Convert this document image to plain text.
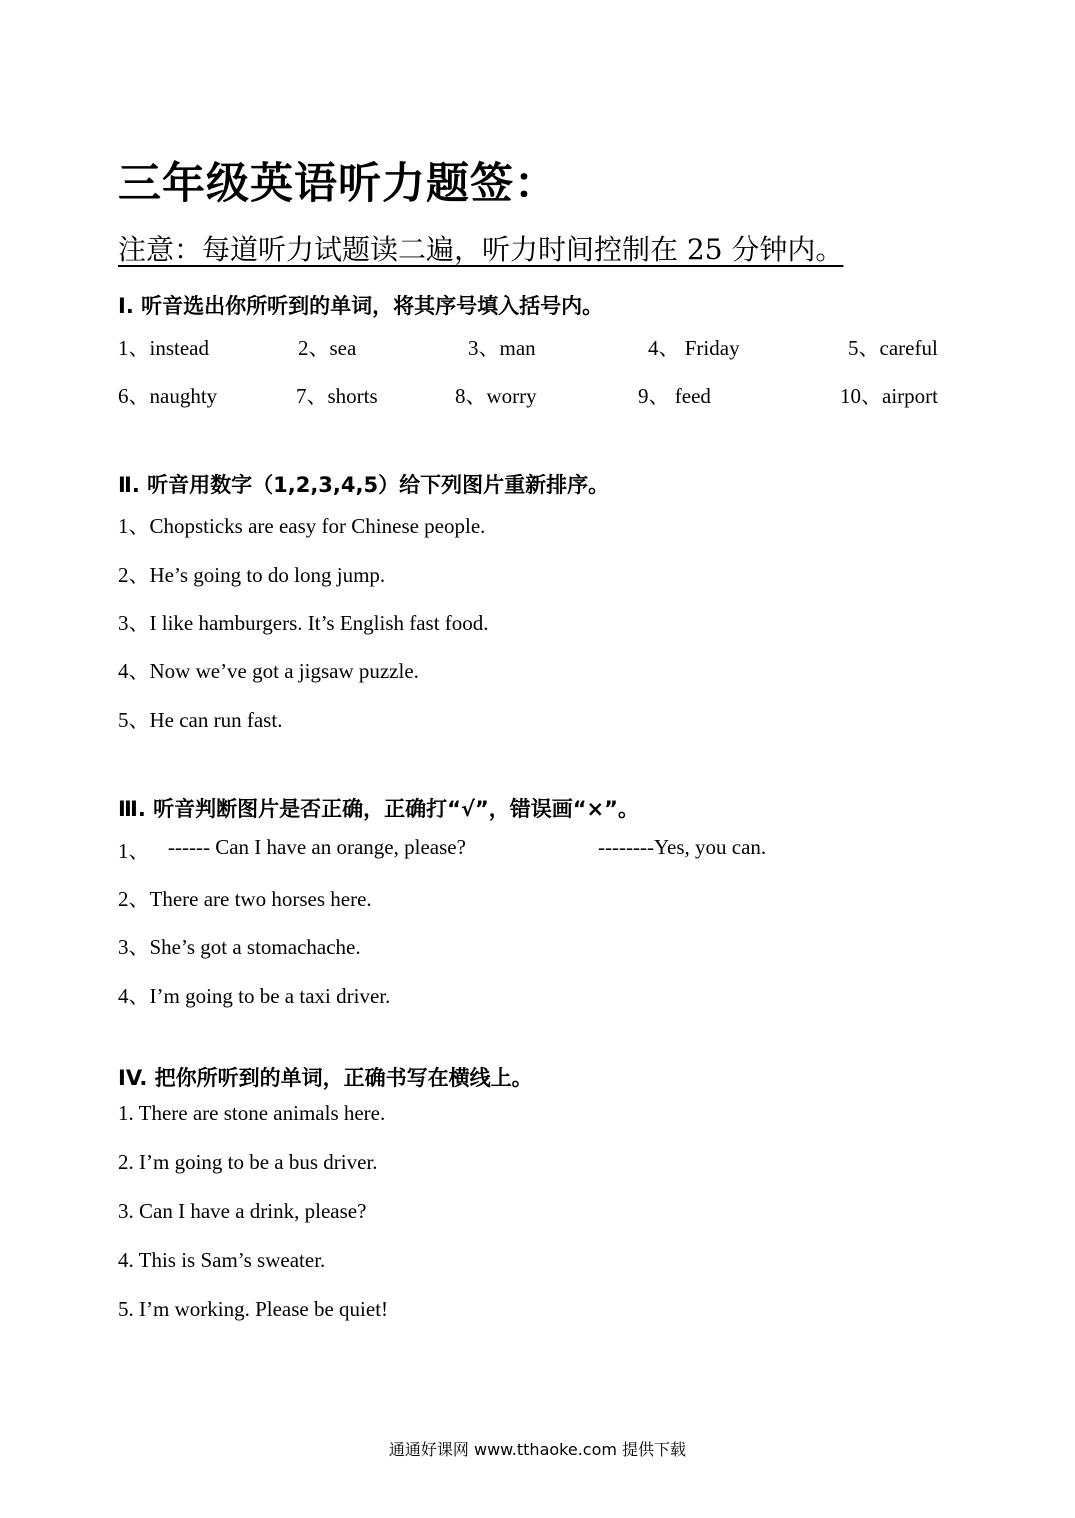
三年级英语听力题签：
注意：每道听力试题读二遍，听力时间控制在 25 分钟内。
Ⅰ. 听音选出你所听到的单词，将其序号填入括号内。
1、instead	2、sea	3、man	4、 Friday	5、careful
6、naughty	7、shorts	8、worry	9、 feed	10、airport
Ⅱ. 听音用数字（1,2,3,4,5）给下列图片重新排序。
1、Chopsticks are easy for Chinese people.
2、He’s going to do long jump.
3、I like hamburgers. It’s English fast food.
4、Now we’ve got a jigsaw puzzle.
5、He can run fast.
Ⅲ. 听音判断图片是否正确，正确打“√”，错误画“×”。
1、 ------ Can I have an orange, please?	--------Yes, you can.
2、There are two horses here.
3、She’s got a stomachache.
4、I’m going to be a taxi driver.
IV. 把你所听到的单词，正确书写在横线上。
1. There are stone animals here.
2. I’m going to be a bus driver.
3. Can I have a drink, please?
4. This is Sam’s sweater.
5. I’m working. Please be quiet!
通通好课网 www.tthaoke.com 提供下载
